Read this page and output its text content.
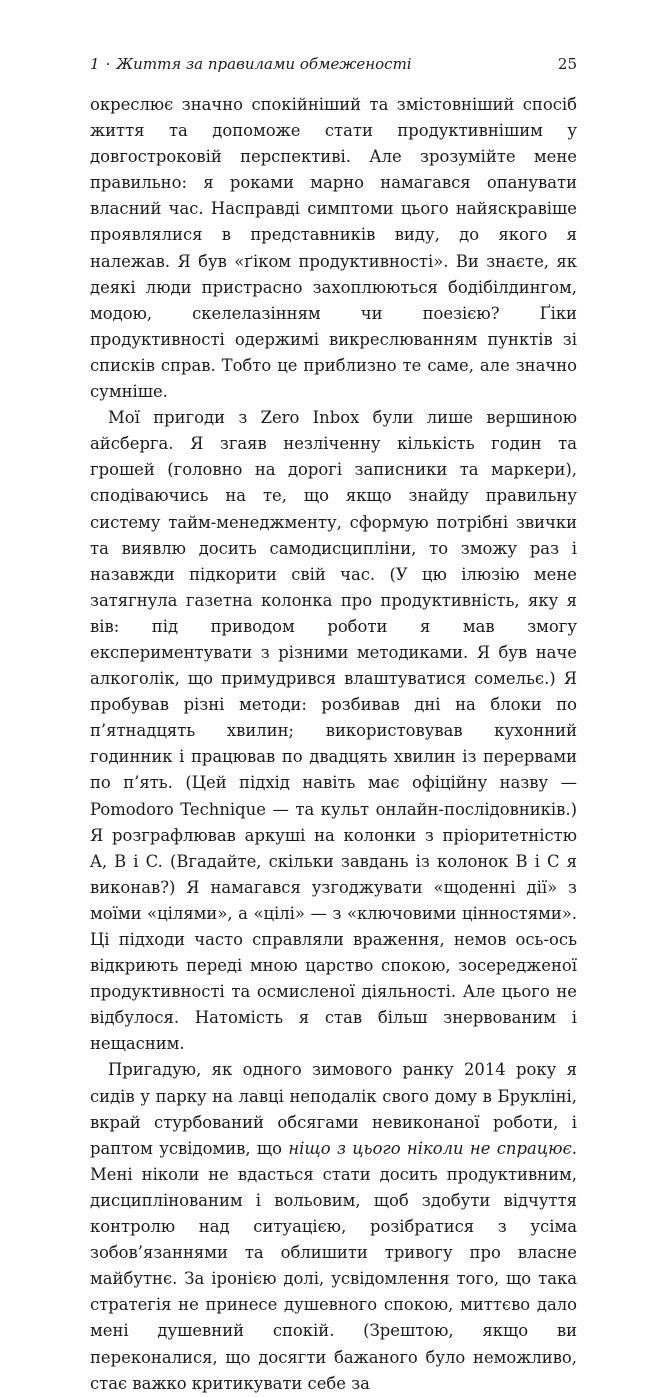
1 · Життя за правилами обмеженості	25

окреслює значно спокійніший та змістовніший спосіб життя та допоможе стати продуктивнішим у довгостроковій перспективі. Але зрозумійте мене правильно: я роками марно намагався опанувати власний час. Насправді симптоми цього найяскравіше проявлялися в представників виду, до якого я належав. Я був «ґіком продуктивності». Ви знаєте, як деякі люди пристрасно захоплюються бодібілдингом, модою, скелелазінням чи поезією? Ґіки продуктивності одержимі викреслюванням пунктів зі списків справ. Тобто це приблизно те саме, але значно сумніше.

Мої пригоди з Zero Inbox були лише вершиною айсберга. Я згаяв незліченну кількість годин та грошей (головно на дорогі записники та маркери), сподіваючись на те, що якщо знайду правильну систему тайм-менеджменту, сформую потрібні звички та виявлю досить самодисципліни, то зможу раз і назавжди підкорити свій час. (У цю ілюзію мене затягнула газетна колонка про продуктивність, яку я вів: під приводом роботи я мав змогу експериментувати з різними методиками. Я був наче алкоголік, що примудрився влаштуватися сомельє.) Я пробував різні методи: розбивав дні на блоки по п’ятнадцять хвилин; використовував кухонний годинник і працював по двадцять хвилин із перервами по п’ять. (Цей підхід навіть має офіційну назву — Pomodoro Technique — та культ онлайн-послідовників.) Я розграфлював аркуші на колонки з пріоритетністю A, B і C. (Вгадайте, скільки завдань із колонок B і C я виконав?) Я намагався узгоджувати «щоденні дії» з моїми «цілями», а «цілі» — з «ключовими цінностями». Ці підходи часто справляли враження, немов ось-ось відкриють переді мною царство спокою, зосередженої продуктивності та осмисленої діяльності. Але цього не відбулося. Натомість я став більш знервованим і нещасним.

Пригадую, як одного зимового ранку 2014 року я сидів у парку на лавці неподалік свого дому в Брукліні, вкрай стурбований обсягами невиконаної роботи, і раптом усвідомив, що ніщо з цього ніколи не спрацює. Мені ніколи не вдасться стати досить продуктивним, дисциплінованим і вольовим, щоб здобути відчуття контролю над ситуацією, розібратися з усіма зобов’язаннями та облишити тривогу про власне майбутнє. За іронією долі, усвідомлення того, що така стратегія не принесе душевного спокою, миттєво дало мені душевний спокій. (Зрештою, якщо ви переконалися, що досягти бажаного було неможливо, стає важко критикувати себе за
